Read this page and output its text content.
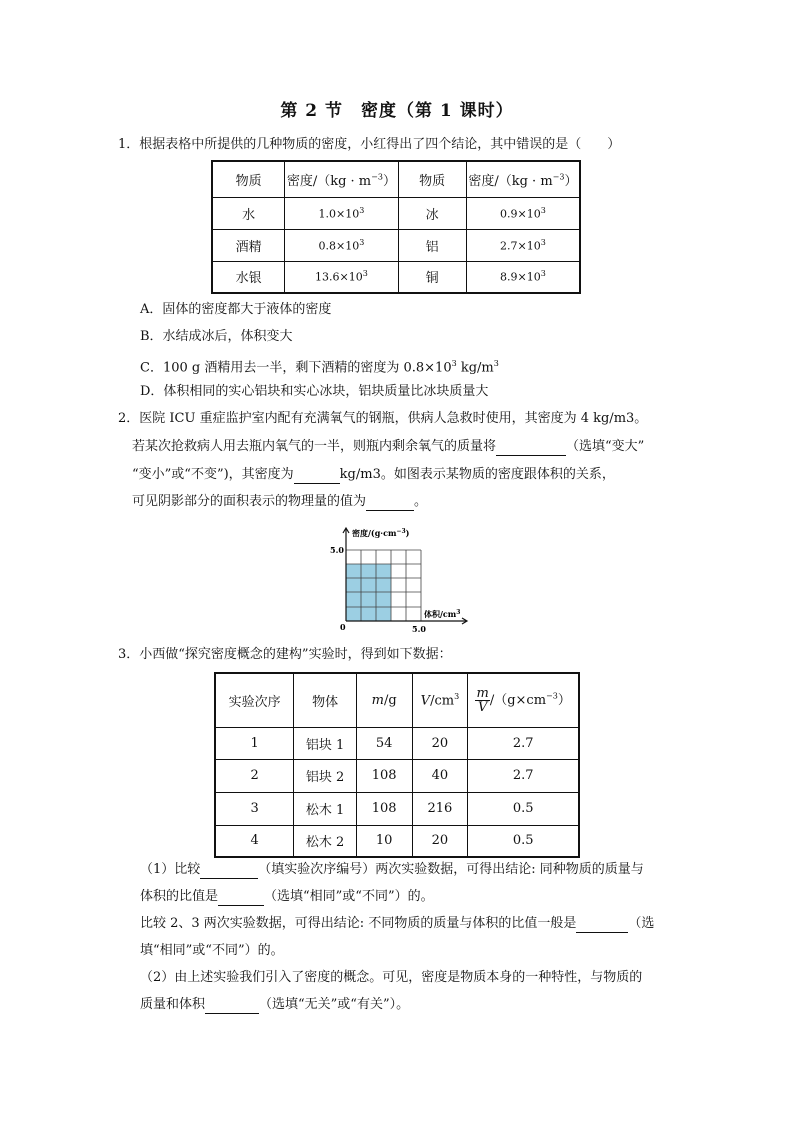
第 2 节　密度（第 1 课时）
1．根据表格中所提供的几种物质的密度，小红得出了四个结论，其中错误的是（　　）
物质	密度$/(kg \cdot m^{-3})$	物质	密度$/(kg \cdot m^{-3})$
水	$1.0\times 10^3$	冰	$0.9\times 10^3$
酒精	$0.8\times 10^3$	铝	$2.7\times 10^3$
水银	$13.6\times 10^3$	铜	$8.9\times 10^3$
A．固体的密度都大于液体的密度
B．水结成冰后，体积变大
C．100 g 酒精用去一半，剩下酒精的密度为 $0.8\times 10^3$ $kg/m^3$
D．体积相同的实心铝块和实心冰块，铝块质量比冰块质量大
2．医院 ICU 重症监护室内配有充满氧气的钢瓶，供病人急救时使用，其密度为 4 kg/m3。
若某次抢救病人用去瓶内氧气的一半，则瓶内剩余氧气的质量将	（选填“变大”
“变小”或“不变”)，其密度为	kg/m3。如图表示某物质的密度跟体积的关系，
可见阴影部分的面积表示的物理量的值为	。
密度$/(g\cdot cm^{-3})$
体积$/cm^3$
5.0
0	5.0
3．小西做“探究密度概念的建构”实验时，得到如下数据：
实验次序	物体	m/g	$V/cm^3$	$\frac{m}{V} /(g\times cm^{-3})$
1	铝块 1	54	20	2.7
2	铝块 2	108	40	2.7
3	松木 1	108	216	0.5
4	松木 2	10	20	0.5
（1）比较	（填实验次序编号）两次实验数据，可得出结论: 同种物质的质量与
体积的比值是	（选填“相同”或“不同”）的。
比较 2、3 两次实验数据，可得出结论: 不同物质的质量与体积的比值一般是	（选
填“相同”或“不同”）的。
（2）由上述实验我们引入了密度的概念。可见，密度是物质本身的一种特性，与物质的
质量和体积	（选填“无关”或“有关”）。
